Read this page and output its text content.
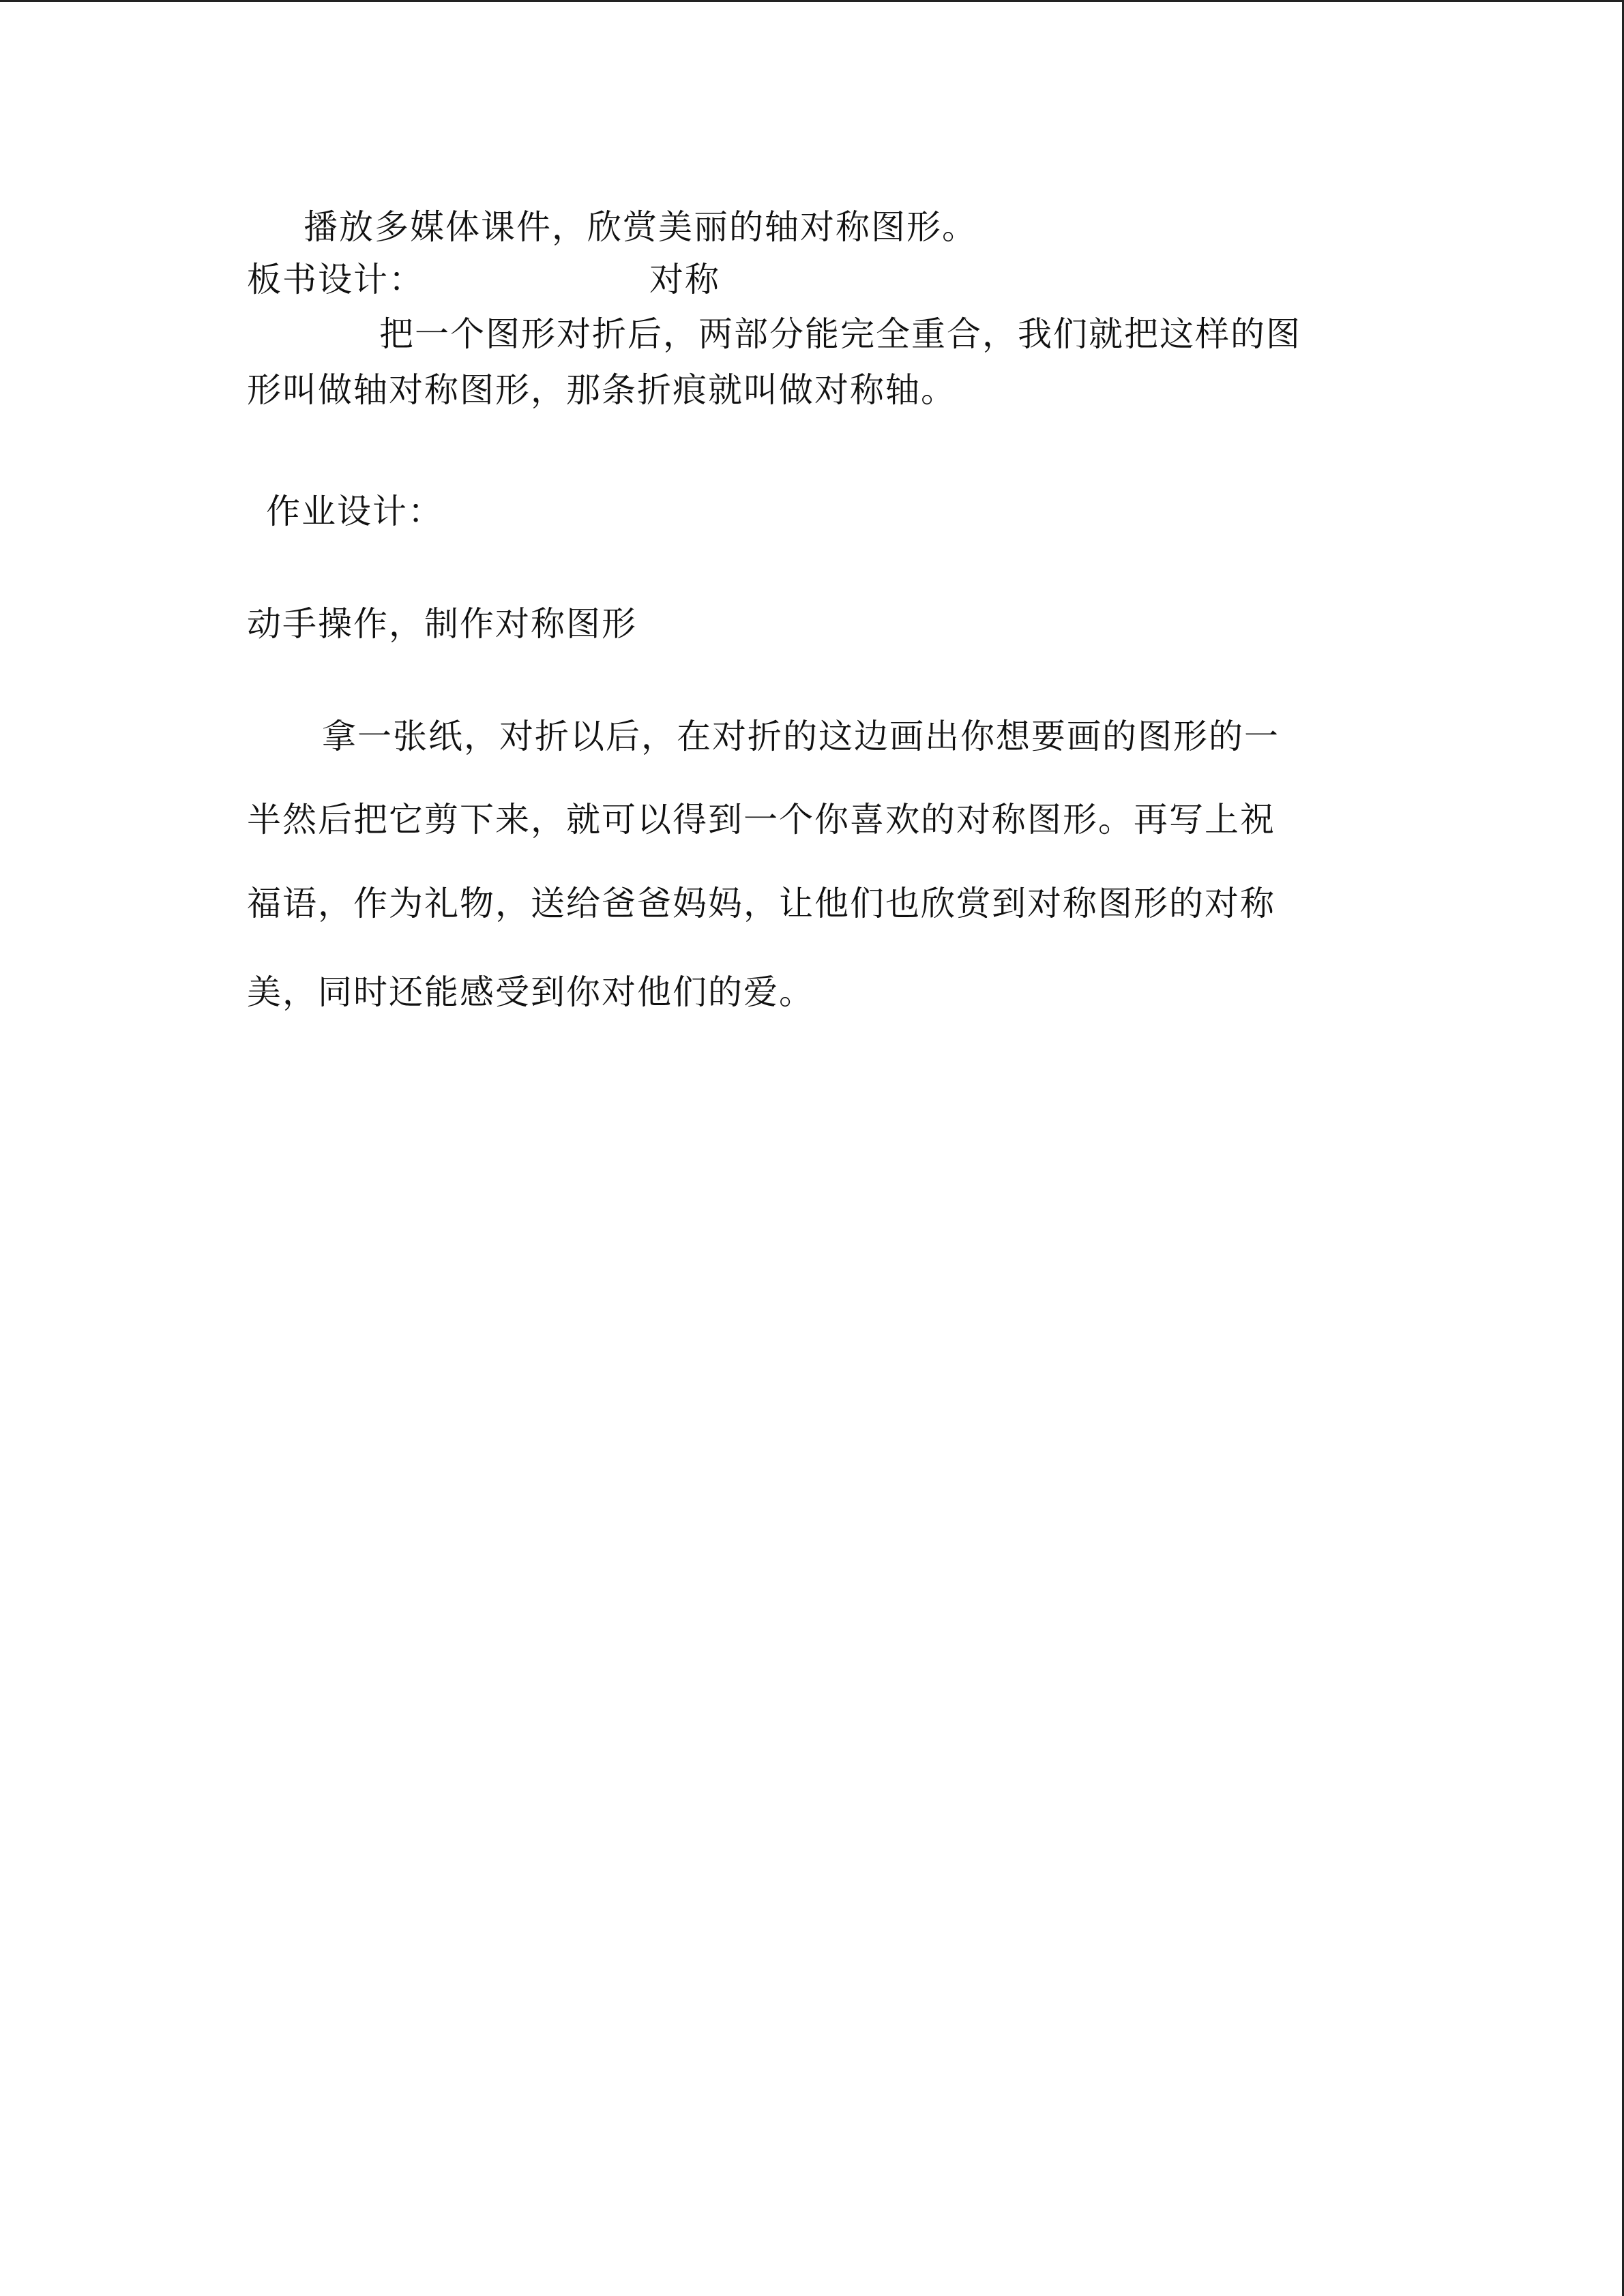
播放多媒体课件，欣赏美丽的轴对称图形。

板书设计：	对称

把一个图形对折后，两部分能完全重合，我们就把这样的图

形叫做轴对称图形，那条折痕就叫做对称轴。

作业设计：

动手操作，制作对称图形

拿一张纸，对折以后，在对折的这边画出你想要画的图形的一

半然后把它剪下来，就可以得到一个你喜欢的对称图形。再写上祝

福语，作为礼物，送给爸爸妈妈，让他们也欣赏到对称图形的对称

美，同时还能感受到你对他们的爱。
